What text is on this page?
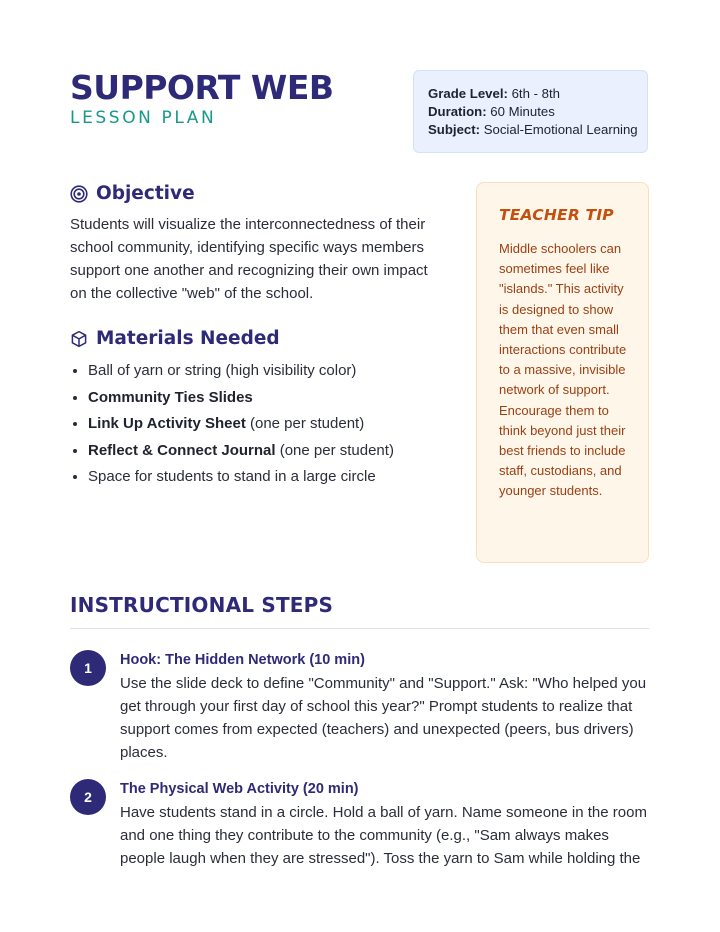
SUPPORT WEB
LESSON PLAN
Grade Level: 6th - 8th
Duration: 60 Minutes
Subject: Social-Emotional Learning
Objective

Students will visualize the interconnectedness of their school community, identifying specific ways members support one another and recognizing their own impact on the collective "web" of the school.

Materials Needed
• Ball of yarn or string (high visibility color)
• Community Ties Slides
• Link Up Activity Sheet (one per student)
• Reflect & Connect Journal (one per student)
• Space for students to stand in a large circle
TEACHER TIP

Middle schoolers can sometimes feel like "islands." This activity is designed to show them that even small interactions contribute to a massive, invisible network of support. Encourage them to think beyond just their best friends to include staff, custodians, and younger students.

INSTRUCTIONAL STEPS
1	Hook: The Hidden Network (10 min)

Use the slide deck to define "Community" and "Support." Ask: "Who helped you get through your first day of school this year?" Prompt students to realize that support comes from expected (teachers) and unexpected (peers, bus drivers) places.

2	The Physical Web Activity (20 min)

Have students stand in a circle. Hold a ball of yarn. Name someone in the room and one thing they contribute to the community (e.g., "Sam always makes people laugh when they are stressed"). Toss the yarn to Sam while holding the
